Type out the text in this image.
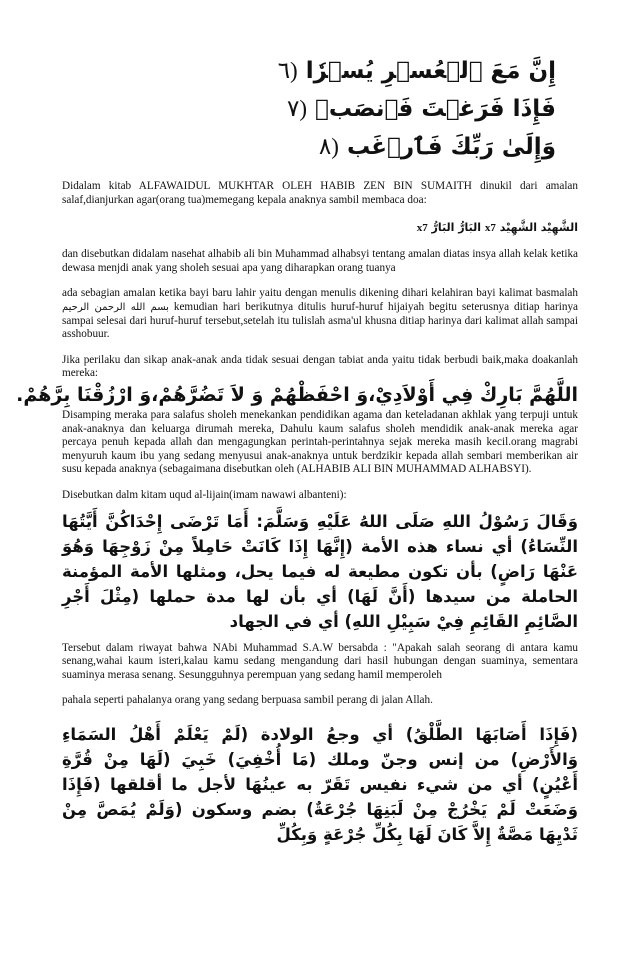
إِنَّ مَعَ ٱلۡعُسۡرِ يُسۡرٗا (٦
فَإِذَا فَرَغۡتَ فَٱنصَبۡ (٧
وَإِلَىٰ رَبِّكَ فَٱرۡغَب (٨

Didalam kitab ALFAWAIDUL MUKHTAR OLEH HABIB ZEN BIN SUMAITH dinukil dari amalan salaf,dianjurkan agar(orang tua)memegang kepala anaknya sambil membaca doa:

الشَّهِيْد الشَّهِيْد x7 البَارُّ البَارُّ x7

dan disebutkan didalam nasehat alhabib ali bin Muhammad alhabsyi tentang amalan diatas insya allah kelak ketika dewasa menjdi anak yang sholeh sesuai apa yang diharapkan orang tuanya

ada sebagian amalan ketika bayi baru lahir yaitu dengan menulis dikening dihari kelahiran bayi kalimat basmalah بسم الله الرحمن الرحيم kemudian hari berikutnya ditulis huruf-huruf hijaiyah begitu seterusnya ditiap harinya sampai selesai dari huruf-huruf tersebut,setelah itu tulislah asma'ul khusna ditiap harinya dari kalimat allah sampai asshobuur.

Jika perilaku dan sikap anak-anak anda tidak sesuai dengan tabiat anda yaitu tidak berbudi baik,maka doakanlah mereka:

اللَّهُمَّ بَارِكْ فِي أَوْلاَدِيْ،وَ احْفَظْهُمْ وَ لاَ تَضُرَّهُمْ،وَ ارْزُقْنَا بِرَّهُمْ.

Disamping meraka para salafus sholeh menekankan pendidikan agama dan keteladanan akhlak yang terpuji untuk anak-anaknya dan keluarga dirumah mereka, Dahulu kaum salafus sholeh mendidik anak-anak mereka agar percaya penuh kepada allah dan mengagungkan perintah-perintahnya sejak mereka masih kecil.orang magrabi menyuruh kaum ibu yang sedang menyusui anak-anaknya untuk berdzikir kepada allah sembari memberikan air susu kepada anaknya (sebagaimana disebutkan oleh (ALHABIB ALI BIN MUHAMMAD ALHABSYI).

Disebutkan dalm kitam uqud al-lijain(imam nawawi albanteni):

وَقَالَ رَسُوْلُ اللهِ صَلَى اللهُ عَلَيْهِ وَسَلَّمَ: أَمَا تَرْضَى إِحْدَاكُنَّ أَيَّتُهَا النِّسَاءُ) أي نساء هذه الأمة (إِنَّهَا إِذَا كَانَتْ حَامِلاً مِنْ زَوْجِهَا وَهُوَ عَنْهَا رَاضٍ) بأن تكون مطيعة له فيما يحل، ومثلها الأمة المؤمنة الحاملة من سيدها (أَنَّ لَهَا) أي بأن لها مدة حملها (مِثْلَ أَجْرِ الصَّائِمِ القَائِمِ فِيْ سَبِيْلِ اللهِ) أي في الجهاد

Tersebut dalam riwayat bahwa NAbi Muhammad S.A.W bersabda : "Apakah salah seorang di antara kamu senang,wahai kaum isteri,kalau kamu sedang mengandung dari hasil hubungan dengan suaminya, sementara suaminya merasa senang. Sesungguhnya perempuan yang sedang hamil memperoleh

pahala seperti pahalanya orang yang sedang berpuasa sambil perang di jalan Allah.

(فَإِذَا أَصَابَهَا الطَّلْقُ) أي وجعُ الولادة (لَمْ يَعْلَمْ أَهْلُ السَمَاءِ وَالأَرْضِ) من إنس وجنّ وملك (مَا أُخْفِيَ) خَبِيَ (لَهَا مِنْ قُرَّةِ أَعْيُنٍ) أي من شيء نفيس تَقَرّ به عينُهَا لأجل ما أقلقها (فَإِذَا وَضَعَتْ لَمْ يَخْرُجْ مِنْ لَبَنِهَا جُرْعَةٌ) بضم وسكون (وَلَمْ يُمَصَّ مِنْ ثَدْيِهَا مَصَّةٌ إِلاَّ كَانَ لَهَا بِكُلِّ جُرْعَةٍ وَبِكُلِّ
